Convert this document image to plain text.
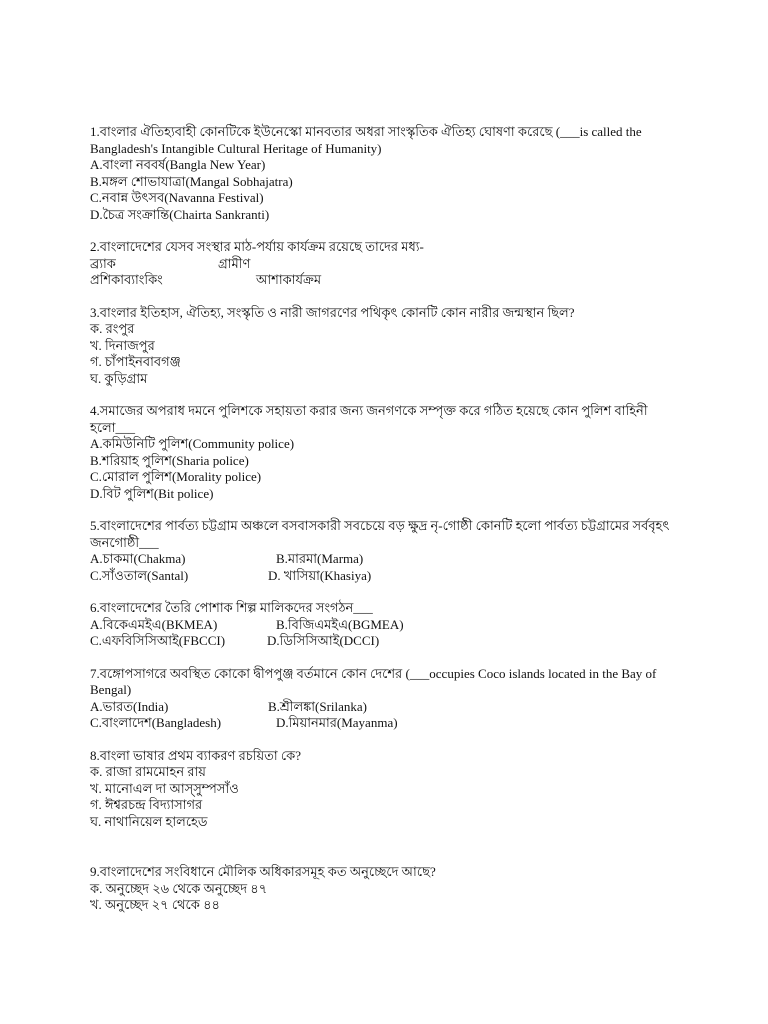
1.বাংলার ঐতিহ্যবাহী কোনটিকে ইউনেস্কো মানবতার অধরা সাংস্কৃতিক ঐতিহ্য ঘোষণা করেছে (___is called the Bangladesh's Intangible Cultural Heritage of Humanity)
A.বাংলা নববর্ষ(Bangla New Year)
B.মঙ্গল শোভাযাত্রা(Mangal Sobhajatra)
C.নবান্ন উৎসব(Navanna Festival)
D.চৈত্র সংক্রান্তি(Chairta Sankranti)
2.বাংলাদেশের যেসব সংস্থার মাঠ-পর্যায় কার্যক্রম রয়েছে তাদের মধ্য-
ব্র্যাক	গ্রামীণ
প্রশিকাব্যাংকিং	আশাকার্যক্রম
3.বাংলার ইতিহাস, ঐতিহ্য, সংস্কৃতি ও নারী জাগরণের পথিকৃৎ কোনটি কোন নারীর জন্মস্থান ছিল?
ক. রংপুর
খ. দিনাজপুর
গ. চাঁপাইনবাবগঞ্জ
ঘ. কুড়িগ্রাম
4.সমাজের অপরাধ দমনে পুলিশকে সহায়তা করার জন্য জনগণকে সম্পৃক্ত করে গঠিত হয়েছে কোন পুলিশ বাহিনী হলো___
A.কমিউনিটি পুলিশ(Community police)
B.শরিয়াহ পুলিশ(Sharia police)
C.মোরাল পুলিশ(Morality police)
D.বিট পুলিশ(Bit police)
5.বাংলাদেশের পার্বত্য চট্টগ্রাম অঞ্চলে বসবাসকারী সবচেয়ে বড় ক্ষুদ্র নৃ-গোষ্ঠী কোনটি হলো পার্বত্য চট্টগ্রামের সর্ববৃহৎ জনগোষ্ঠী___
A.চাকমা(Chakma)	B.মারমা(Marma)
C.সাঁওতাল(Santal)	D. খাসিয়া(Khasiya)
6.বাংলাদেশের তৈরি পোশাক শিল্প মালিকদের সংগঠন___
A.বিকেএমইএ(BKMEA)	B.বিজিএমইএ(BGMEA)
C.এফবিসিসিআই(FBCCI)	D.ডিসিসিআই(DCCI)
7.বঙ্গোপসাগরে অবস্থিত কোকো দ্বীপপুঞ্জ বর্তমানে কোন দেশের (___occupies Coco islands located in the Bay of Bengal)
A.ভারত(India)	B.শ্রীলঙ্কা(Srilanka)
C.বাংলাদেশ(Bangladesh)	D.মিয়ানমার(Mayanma)
8.বাংলা ভাষার প্রথম ব্যাকরণ রচয়িতা কে?
ক. রাজা রামমোহন রায়
খ. মানোএল দা আস্সুম্পসাঁও
গ. ঈশ্বরচন্দ্র বিদ্যাসাগর
ঘ. নাথানিয়েল হালহেড
9.বাংলাদেশের সংবিধানে মৌলিক অধিকারসমূহ কত অনুচ্ছেদে আছে?
ক. অনুচ্ছেদ ২৬ থেকে অনুচ্ছেদ ৪৭
খ. অনুচ্ছেদ ২৭ থেকে ৪৪
